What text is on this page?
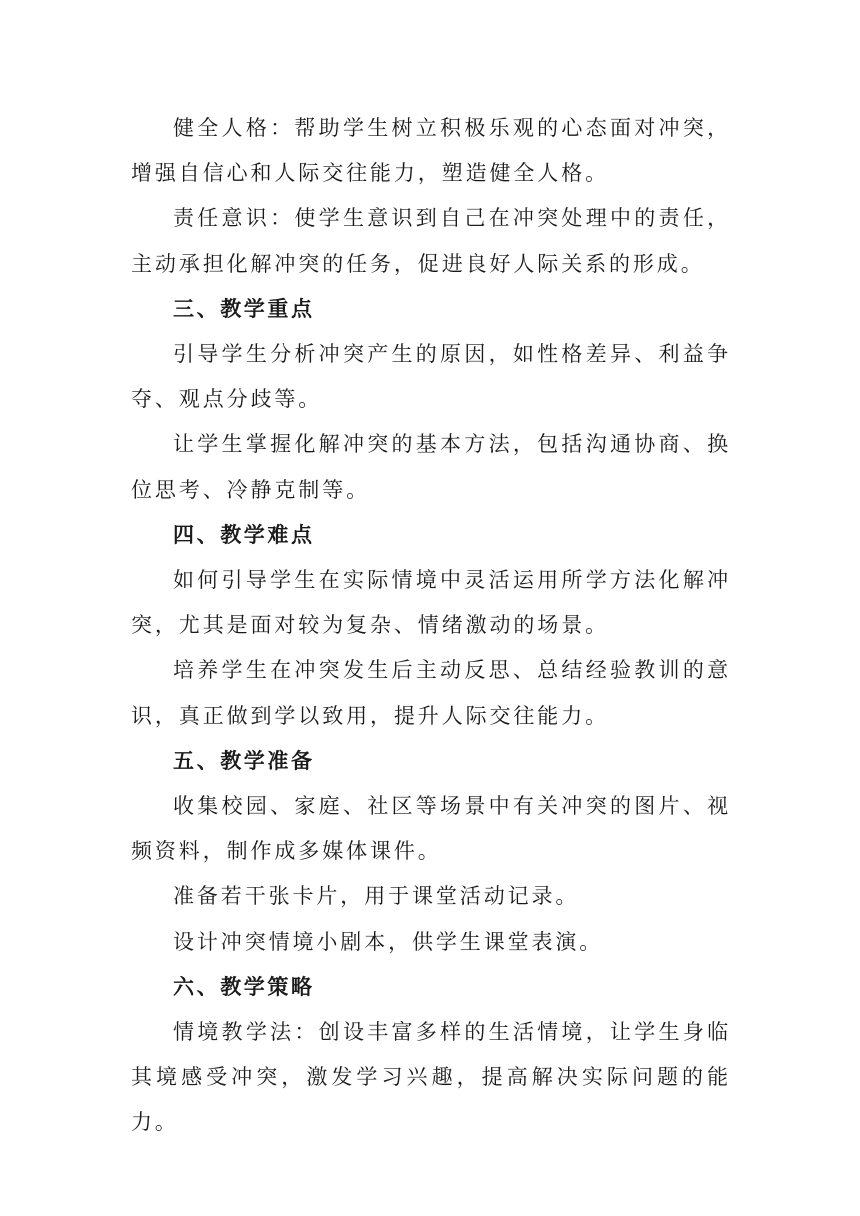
健全人格：帮助学生树立积极乐观的心态面对冲突，增强自信心和人际交往能力，塑造健全人格。

责任意识：使学生意识到自己在冲突处理中的责任，主动承担化解冲突的任务，促进良好人际关系的形成。

三、教学重点

引导学生分析冲突产生的原因，如性格差异、利益争夺、观点分歧等。

让学生掌握化解冲突的基本方法，包括沟通协商、换位思考、冷静克制等。

四、教学难点

如何引导学生在实际情境中灵活运用所学方法化解冲突，尤其是面对较为复杂、情绪激动的场景。

培养学生在冲突发生后主动反思、总结经验教训的意识，真正做到学以致用，提升人际交往能力。

五、教学准备

收集校园、家庭、社区等场景中有关冲突的图片、视频资料，制作成多媒体课件。

准备若干张卡片，用于课堂活动记录。

设计冲突情境小剧本，供学生课堂表演。

六、教学策略

情境教学法：创设丰富多样的生活情境，让学生身临其境感受冲突，激发学习兴趣，提高解决实际问题的能力。
